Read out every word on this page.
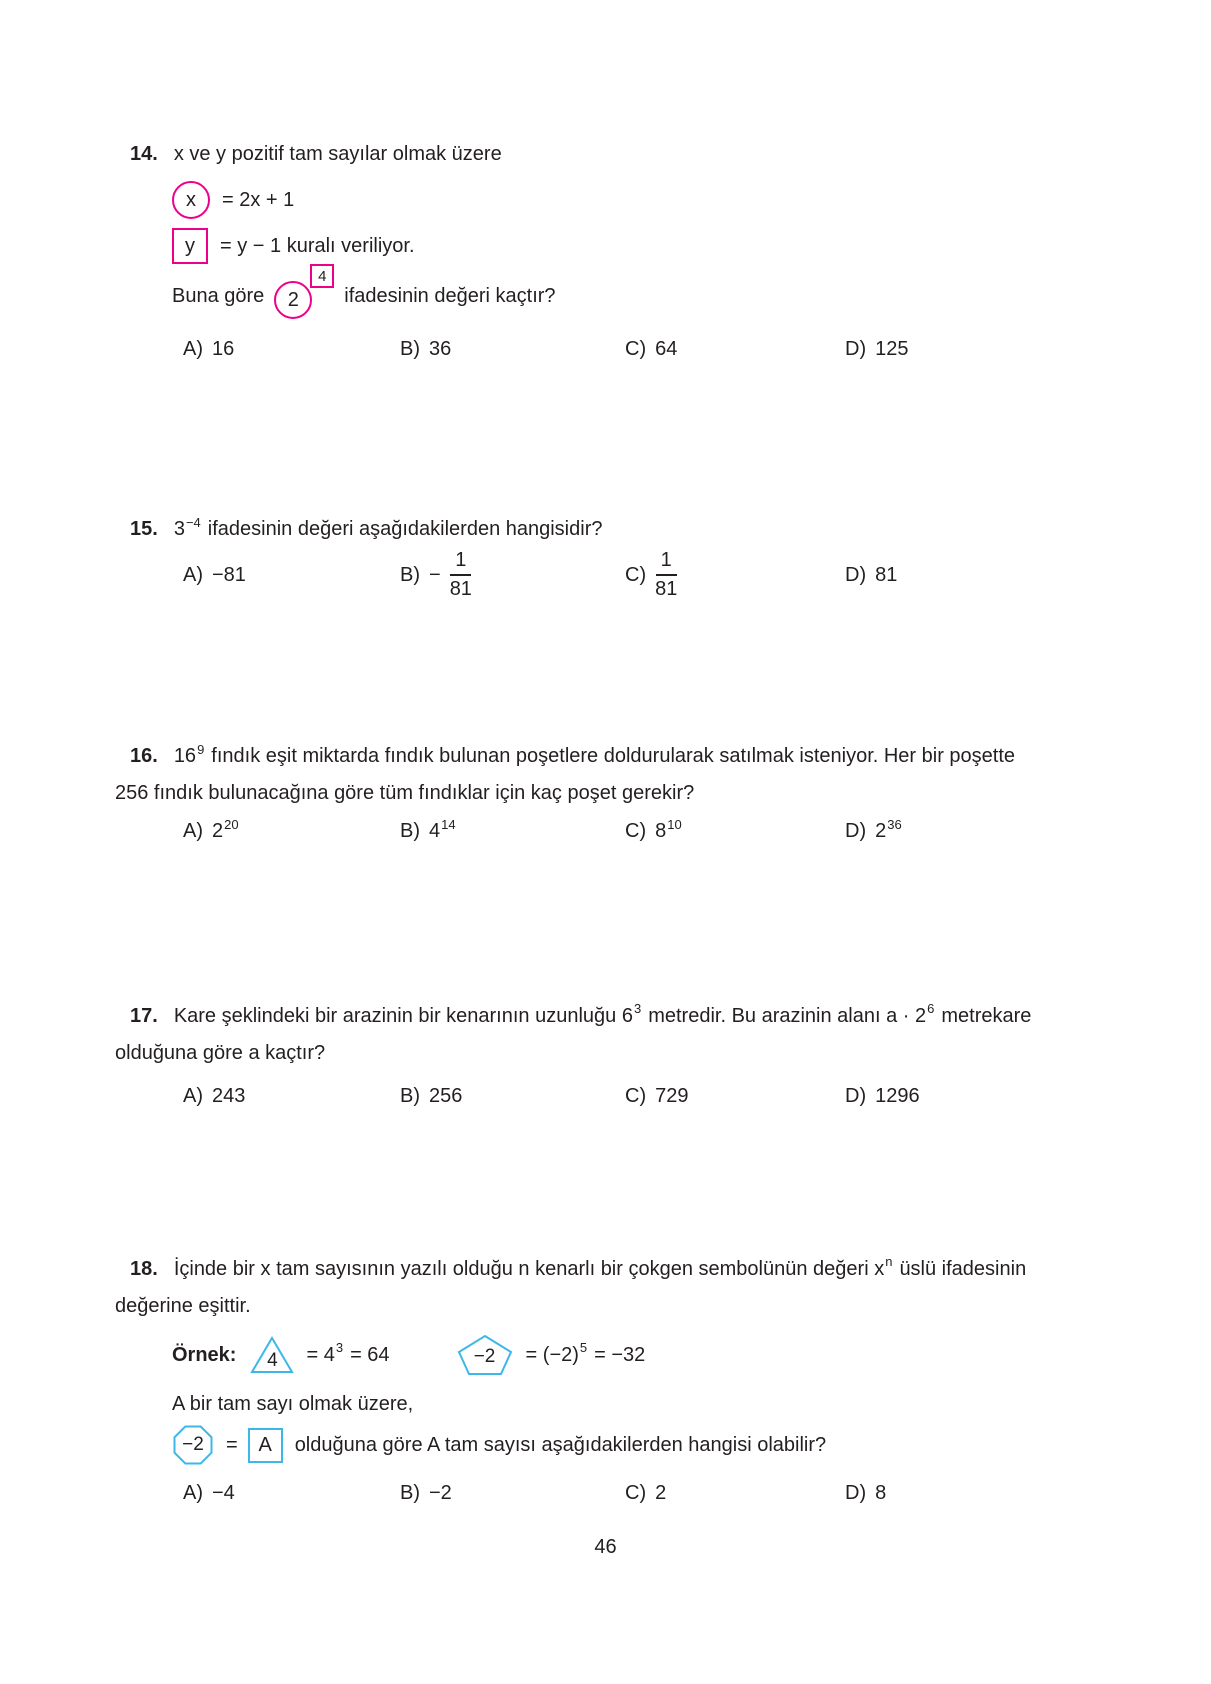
14. x ve y pozitif tam sayılar olmak üzere
x = 2x + 1
y = y − 1 kuralı veriliyor.
Buna göre 2
4
ifadesinin değeri kaçtır?
A) 16	B) 36	C) 64	D) 125
15. $3^{-4}$ ifadesinin değeri aşağıdakilerden hangisidir?
A) −81	$B) - \frac{1}{81}$	$C) \frac{1}{81}$	D) 81
16. $16^9$ fındık eşit miktarda fındık bulunan poşetlere doldurularak satılmak isteniyor. Her bir poşette
256 fındık bulunacağına göre tüm fındıklar için kaç poşet gerekir?
A) $2^{20}$	B) $4^{14}$	C) $8^{10}$	D) $2^{36}$
17. Kare şeklindeki bir arazinin bir kenarının uzunluğu 6 3 metredir. Bu arazinin alanı a · 2 6 metrekare
olduğuna göre a kaçtır?
A) 243	B) 256	C) 729	D) 1296
18. İçinde bir x tam sayısının yazılı olduğu n kenarlı bir çokgen sembolünün değeri x n üslü ifadesinin
değerine eşittir.
Örnek:	4	= 4 3 = 64	−2	= (−2) 5 = −32
A bir tam sayı olmak üzere,
−2	= A olduğuna göre A tam sayısı aşağıdakilerden hangisi olabilir?
A) −4	B) −2	C) 2	D) 8
46
